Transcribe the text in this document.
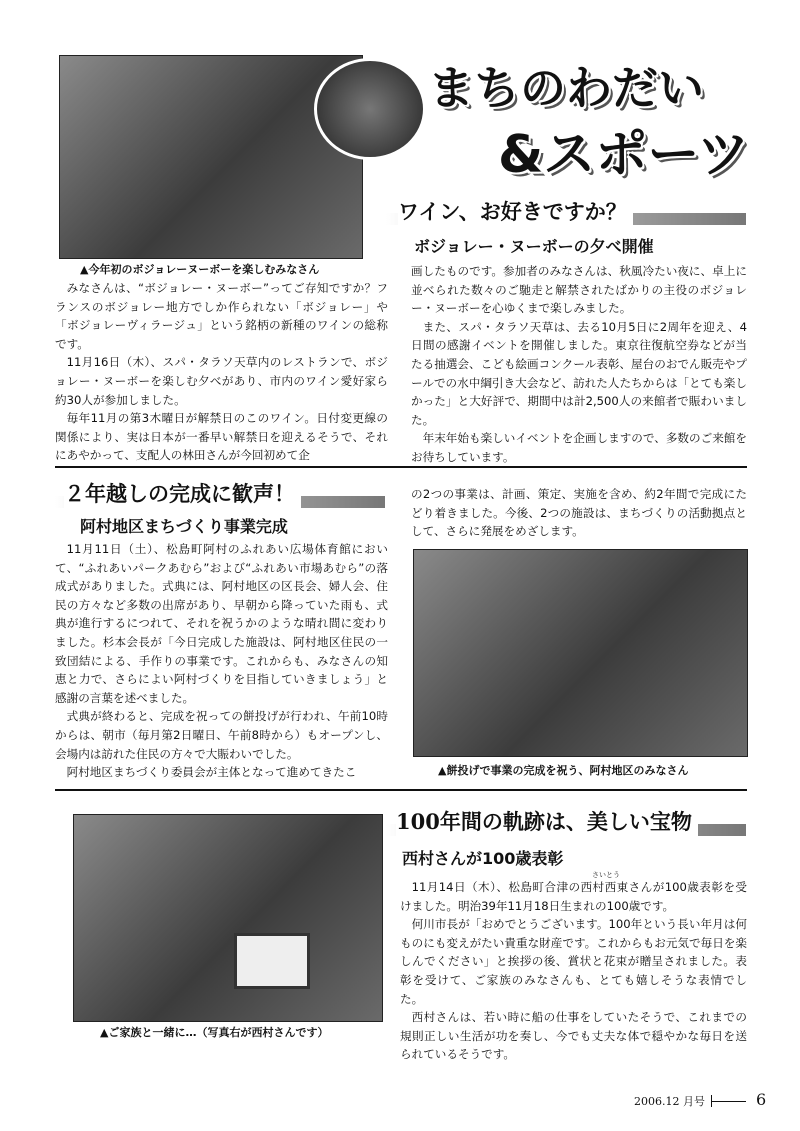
まちのわだい
&スポーツ
▲今年初のボジョレーヌーボーを楽しむみなさん
ワイン、お好きですか？
ボジョレー・ヌーボーの夕べ開催

みなさんは、“ボジョレー・ヌーボー”ってご存知ですか？フランスのボジョレー地方でしか作られない「ボジョレー」や「ボジョレーヴィラージュ」という銘柄の新種のワインの総称です。

11月16日（木）、スパ・タラソ天草内のレストランで、ボジョレー・ヌーボーを楽しむ夕べがあり、市内のワイン愛好家ら約30人が参加しました。

毎年11月の第3木曜日が解禁日のこのワイン。日付変更線の関係により、実は日本が一番早い解禁日を迎えるそうで、それにあやかって、支配人の林田さんが今回初めて企

画したものです。参加者のみなさんは、秋風冷たい夜に、卓上に並べられた数々のご馳走と解禁されたばかりの主役のボジョレー・ヌーボーを心ゆくまで楽しみました。

また、スパ・タラソ天草は、去る10月5日に2周年を迎え、4日間の感謝イベントを開催しました。東京往復航空券などが当たる抽選会、こども絵画コンクール表彰、屋台のおでん販売やプールでの水中綱引き大会など、訪れた人たちからは「とても楽しかった」と大好評で、期間中は計2,500人の来館者で賑わいました。

年末年始も楽しいイベントを企画しますので、多数のご来館をお待ちしています。

２年越しの完成に歓声！
阿村地区まちづくり事業完成

11月11日（土）、松島町阿村のふれあい広場体育館において、“ふれあいパークあむら”および“ふれあい市場あむら”の落成式がありました。式典には、阿村地区の区長会、婦人会、住民の方々など多数の出席があり、早朝から降っていた雨も、式典が進行するにつれて、それを祝うかのような晴れ間に変わりました。杉本会長が「今日完成した施設は、阿村地区住民の一致団結による、手作りの事業です。これからも、みなさんの知恵と力で、さらによい阿村づくりを目指していきましょう」と感謝の言葉を述べました。

式典が終わると、完成を祝っての餅投げが行われ、午前10時からは、朝市（毎月第2日曜日、午前8時から）もオープンし、会場内は訪れた住民の方々で大賑わいでした。

阿村地区まちづくり委員会が主体となって進めてきたこ

の2つの事業は、計画、策定、実施を含め、約2年間で完成にたどり着きました。今後、2つの施設は、まちづくりの活動拠点として、さらに発展をめざします。

▲餅投げで事業の完成を祝う、阿村地区のみなさん
▲ご家族と一緒に…（写真右が西村さんです）
100年間の軌跡は、美しい宝物
西村さんが100歳表彰
さいとう

11月14日（木）、松島町合津の西村西東さんが100歳表彰を受けました。明治39年11月18日生まれの100歳です。

何川市長が「おめでとうございます。100年という長い年月は何ものにも変えがたい貴重な財産です。これからもお元気で毎日を楽しんでください」と挨拶の後、賞状と花束が贈呈されました。表彰を受けて、ご家族のみなさんも、とても嬉しそうな表情でした。

西村さんは、若い時に船の仕事をしていたそうで、これまでの規則正しい生活が功を奏し、今でも丈夫な体で穏やかな毎日を送られているそうです。

2006.12 月号	6
